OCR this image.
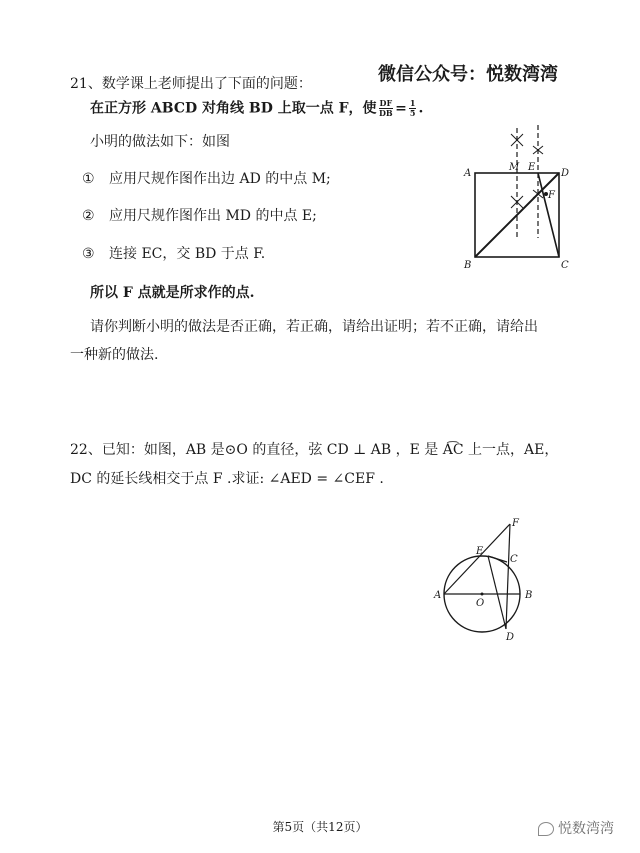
微信公众号：悦数湾湾
21、数学课上老师提出了下面的问题：
在正方形 ABCD 对角线 BD 上取一点 F，使 $\frac{DF}{DB} = \frac{1}{5}$ .
小明的做法如下：如图
① 应用尺规作图作出边 AD 的中点 M;
② 应用尺规作图作出 MD 的中点 E;
③ 连接 EC，交 BD 于点 F.
所以 F 点就是所求作的点.
请你判断小明的做法是否正确，若正确，请给出证明；若不正确，请给出
一种新的做法.
A
B	C
D
M E
F
22、已知：如图，AB 是⊙O 的直径，弦 CD ⊥ AB ，E 是 A͡C 上一点，AE，
DC 的延长线相交于点 F .求证: ∠AED = ∠CEF .
F
E
C
A	B
O
D
第5页（共12页）	悦数湾湾
